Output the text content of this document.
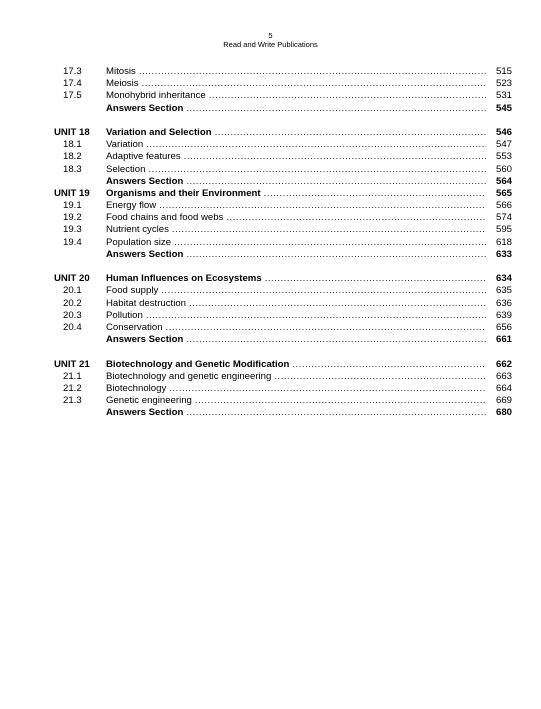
5
Read and Write Publications
17.3	Mitosis .....	515
17.4	Meiosis .....	523
17.5	Monohybrid inheritance .....	531
Answers Section .....	545
UNIT 18	Variation and Selection .....	546
18.1	Variation .....	547
18.2	Adaptive features .....	553
18.3	Selection .....	560
Answers Section .....	564
UNIT 19	Organisms and their Environment .....	565
19.1	Energy flow .....	566
19.2	Food chains and food webs .....	574
19.3	Nutrient cycles .....	595
19.4	Population size .....	618
Answers Section .....	633
UNIT 20	Human Influences on Ecosystems .....	634
20.1	Food supply .....	635
20.2	Habitat destruction .....	636
20.3	Pollution .....	639
20.4	Conservation .....	656
Answers Section .....	661
UNIT 21	Biotechnology and Genetic Modification .....	662
21.1	Biotechnology and genetic engineering .....	663
21.2	Biotechnology .....	664
21.3	Genetic engineering .....	669
Answers Section .....	680
